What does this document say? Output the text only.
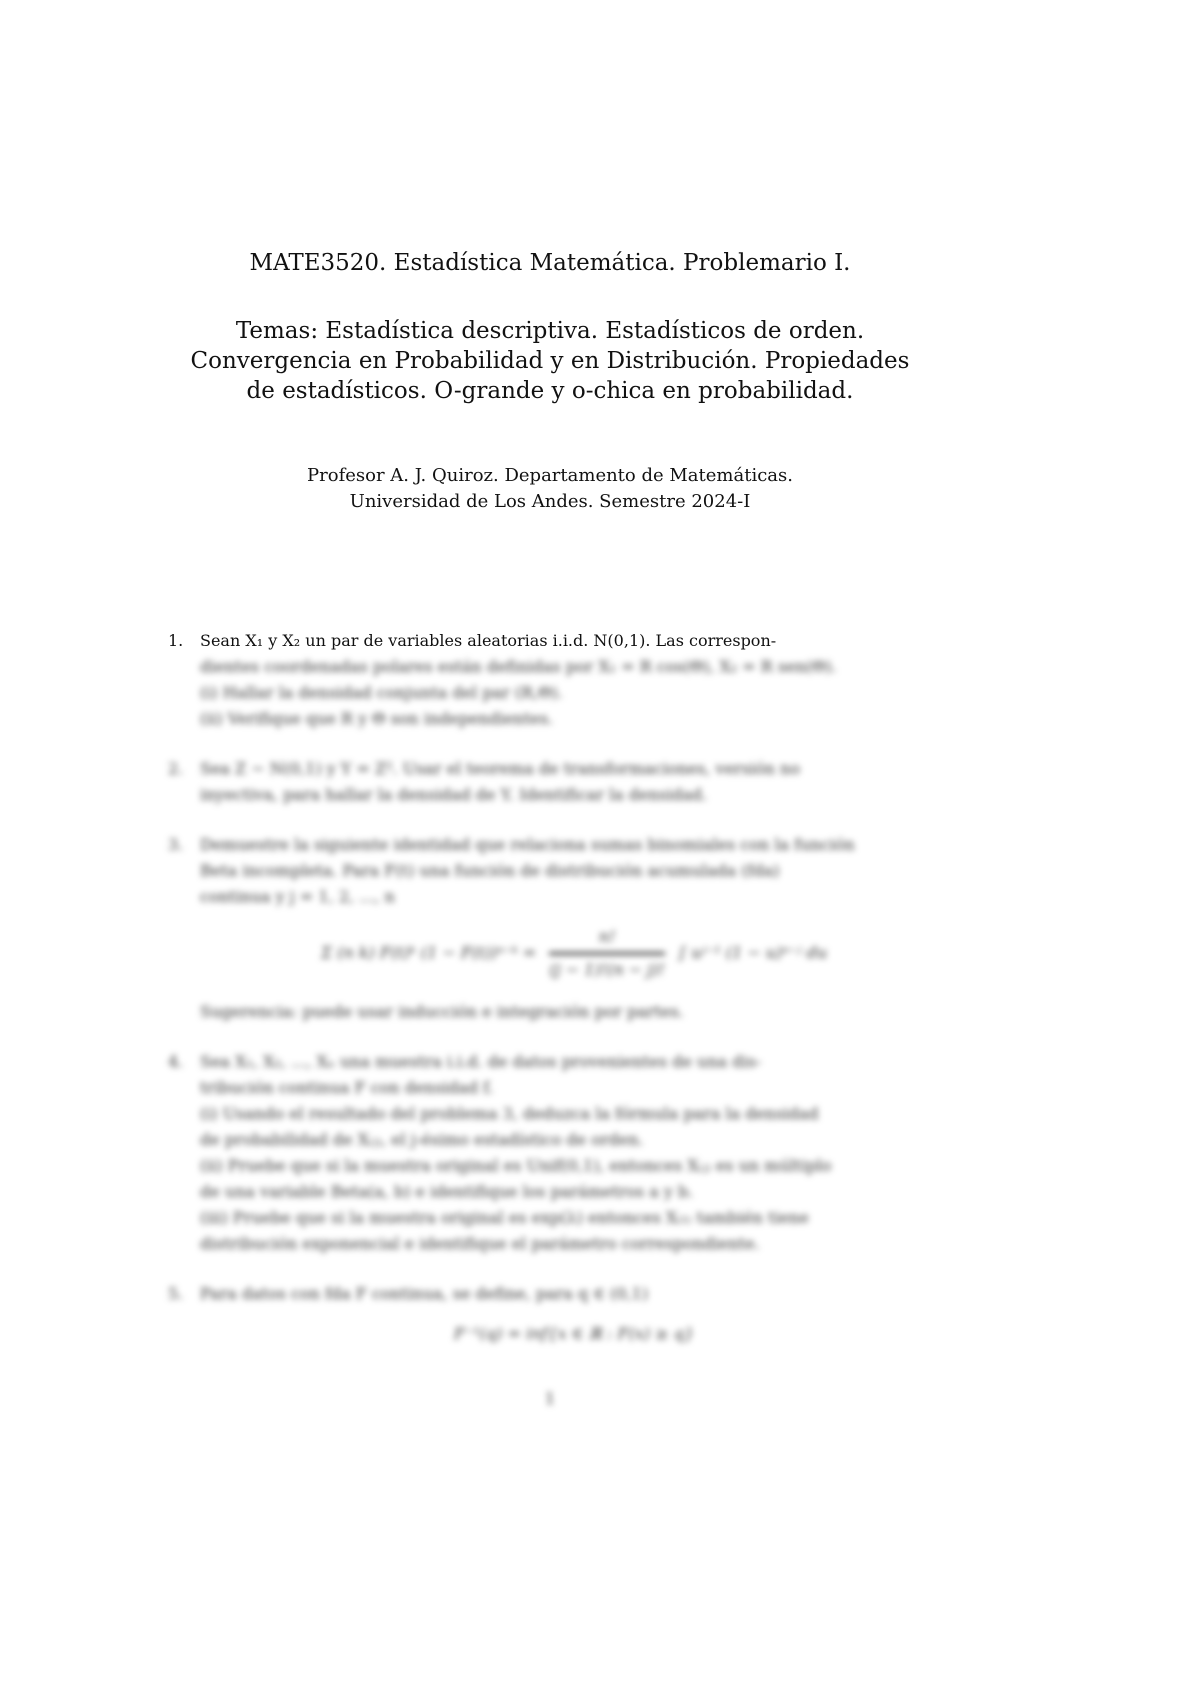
MATE3520. Estadística Matemática. Problemario I.
Temas: Estadística descriptiva. Estadísticos de orden.
Convergencia en Probabilidad y en Distribución. Propiedades
de estadísticos. O-grande y o-chica en probabilidad.
Profesor A. J. Quiroz. Departamento de Matemáticas.
Universidad de Los Andes. Semestre 2024-I
1. Sean X₁ y X₂ un par de variables aleatorias i.i.d. N(0,1). Las correspon-
dientes coordenadas polares están definidas por X₁ = R cos(Θ), X₂ = R sen(Θ).
(i) Hallar la densidad conjunta del par (R,Θ).
(ii) Verifique que R y Θ son independientes.
2. Sea Z ~ N(0,1) y Y = Z². Usar el teorema de transformaciones, versión no
inyectiva, para hallar la densidad de Y. Identificar la densidad.
3. Demuestre la siguiente identidad que relaciona sumas binomiales con la función
Beta incompleta. Para F(t) una función de distribución acumulada (fda)
continua y j = 1, 2, ..., n
Σ (n k) F(t)ᵏ (1 − F(t))ⁿ⁻ᵏ = $\frac{n!}{(j - 1)!(n - j)!}$ ∫ uʲ⁻¹ (1 − u)ⁿ⁻ʲ du
Sugerencia: puede usar inducción e integración por partes.
4. Sea X₁, X₂, ..., Xₙ una muestra i.i.d. de datos provenientes de una dis-
tribución continua F con densidad f.
(i) Usando el resultado del problema 3, deduzca la fórmula para la densidad
de probabilidad de X₍ⱼ₎, el j-ésimo estadístico de orden.
(ii) Pruebe que si la muestra original es Unif(0,1), entonces X₍ⱼ₎ es un múltiplo
de una variable Beta(a, b) e identifique los parámetros a y b.
(iii) Pruebe que si la muestra original es exp(λ) entonces X₍₁₎ también tiene
distribución exponencial e identifique el parámetro correspondiente.
5. Para datos con fda F continua, se define, para q ∈ (0,1)
F⁻¹(q) = inf{x ∈ ℝ : F(x) ≥ q}
1
